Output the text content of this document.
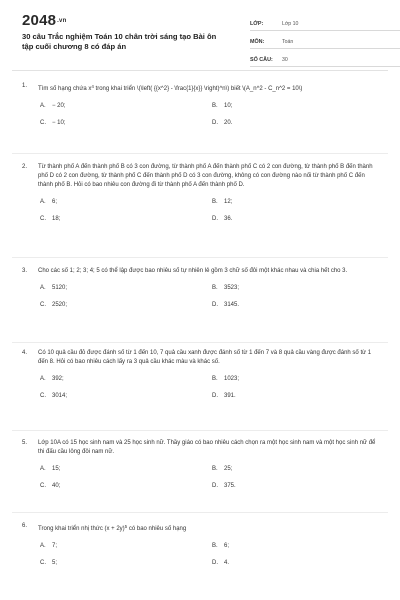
$2048^{.vn}$
30 câu Trắc nghiệm Toán 10 chân trời sáng tạo Bài ôn tập cuối chương 8 có đáp án
LỚP:	Lớp 10
MÔN:	Toán
SỐ CÂU:	30
1.	Tìm số hạng chứa $x^4$ trong khai triển \(\left( {{x^2} - \frac{1}{x}} \right)^n\) biết \(A_n^2 - C_n^2 = 10\)
A. − 20;	B. 10;
C. − 10;	D. 20.
2.	Từ thành phố A đến thành phố B có 3 con đường, từ thành phố A đến thành phố C có 2 con đường, từ thành phố B đến thành phố D có 2 con đường, từ thành phố C đến thành phố D có 3 con đường, không có con đường nào nối từ thành phố C đến thành phố B. Hỏi có bao nhiêu con đường đi từ thành phố A đến thành phố D.
A. 6;	B. 12;
C. 18;	D. 36.
3.	Cho các số 1; 2; 3; 4; 5 có thể lập được bao nhiêu số tự nhiên lẻ gồm 3 chữ số đôi một khác nhau và chia hết cho 3.
A. 5120;	B. 3523;
C. 2520;	D. 3145.
4.	Có 10 quả cầu đỏ được đánh số từ 1 đến 10, 7 quả cầu xanh được đánh số từ 1 đến 7 và 8 quả cầu vàng được đánh số từ 1 đến 8. Hỏi có bao nhiêu cách lấy ra 3 quả cầu khác màu và khác số.
A. 392;	B. 1023;
C. 3014;	D. 391.
5.	Lớp 10A có 15 học sinh nam và 25 học sinh nữ. Thầy giáo có bao nhiêu cách chọn ra một học sinh nam và một học sinh nữ để thi đấu cầu lông đôi nam nữ.
A. 15;	B. 25;
C. 40;	D. 375.
6.	Trong khai triển nhị thức $(x + 2y)^5$ có bao nhiêu số hạng
A. 7;	B. 6;
C. 5;	D. 4.
